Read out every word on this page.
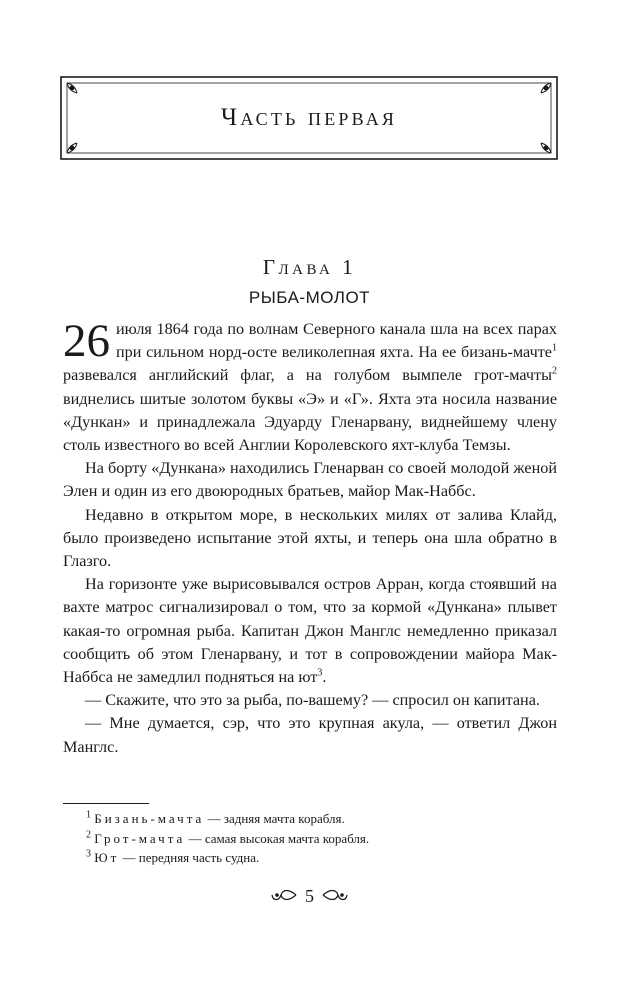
Часть первая
Глава 1
РЫБА-МОЛОТ

26 июля 1864 года по волнам Северного канала шла на всех парах при сильном норд-осте великолепная яхта. На ее бизань-мачте$^1$ развевался английский флаг, а на голубом вымпеле грот-мачты$^2$ виднелись шитые золотом буквы «Э» и «Г». Яхта эта носила название «Дункан» и принадлежала Эдуарду Гленарвану, виднейшему члену столь известного во всей Англии Королевского яхт-клуба Темзы.

На борту «Дункана» находились Гленарван со своей молодой женой Элен и один из его двоюродных братьев, майор Мак-Наббс.

Недавно в открытом море, в нескольких милях от залива Клайд, было произведено испытание этой яхты, и теперь она шла обратно в Глазго.

На горизонте уже вырисовывался остров Арран, когда стоявший на вахте матрос сигнализировал о том, что за кормой «Дункана» плывет какая-то огромная рыба. Капитан Джон Манглс немедленно приказал сообщить об этом Гленарвану, и тот в сопровождении майора Мак-Наббса не замедлил подняться на $ют^3$.

— Скажите, что это за рыба, по-вашему? — спросил он капитана.

— Мне думается, сэр, что это крупная акула, — ответил Джон Манглс.

$^1$ Бизань-мачта — задняя мачта корабля.
$^2$ Грот-мачта — самая высокая мачта корабля.
$^3$ Ют — передняя часть судна.
5
